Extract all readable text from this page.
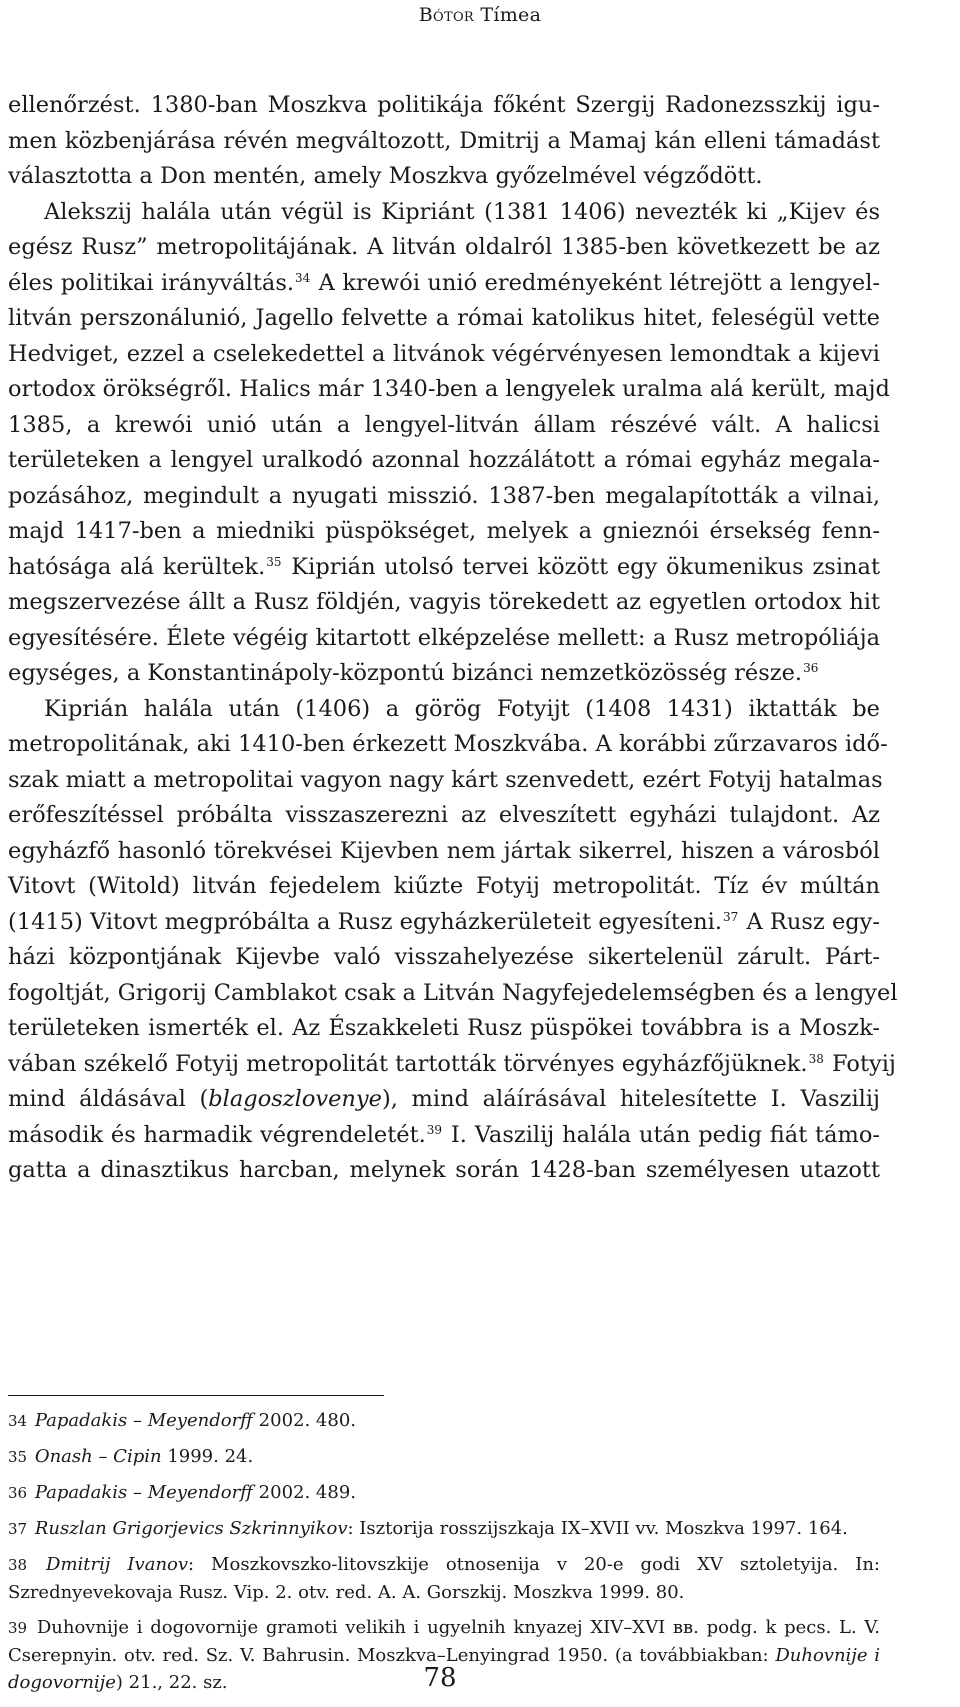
Bótor Tímea
ellenőrzést. 1380-ban Moszkva politikája főként Szergij Radonezsszkij igu-
men közbenjárása révén megváltozott, Dmitrij a Mamaj kán elleni támadást
választotta a Don mentén, amely Moszkva győzelmével végződött.
Alekszij halála után végül is Kipriánt (1381 1406) nevezték ki „Kijev és
egész Rusz” metropolitájának. A litván oldalról 1385-ben következett be az
éles politikai irányváltás.$^{34}$ A krewói unió eredményeként létrejött a lengyel-
litván perszonálunió, Jagello felvette a római katolikus hitet, feleségül vette
Hedviget, ezzel a cselekedettel a litvánok végérvényesen lemondtak a kijevi
ortodox örökségről. Halics már 1340-ben a lengyelek uralma alá került, majd
1385, a krewói unió után a lengyel-litván állam részévé vált. A halicsi
területeken a lengyel uralkodó azonnal hozzálátott a római egyház megala-
pozásához, megindult a nyugati misszió. 1387-ben megalapították a vilnai,
majd 1417-ben a miedniki püspökséget, melyek a gnieznói érsekség fenn-
hatósága alá kerültek.$^{35}$ Kiprián utolsó tervei között egy ökumenikus zsinat
megszervezése állt a Rusz földjén, vagyis törekedett az egyetlen ortodox hit
egyesítésére. Élete végéig kitartott elképzelése mellett: a Rusz metropóliája
egységes, a Konstantinápoly-központú bizánci nemzetközösség része.$^{36}$
Kiprián halála után (1406) a görög Fotyijt (1408 1431) iktatták be
metropolitának, aki 1410-ben érkezett Moszkvába. A korábbi zűrzavaros idő-
szak miatt a metropolitai vagyon nagy kárt szenvedett, ezért Fotyij hatalmas
erőfeszítéssel próbálta visszaszerezni az elveszített egyházi tulajdont. Az
egyházfő hasonló törekvései Kijevben nem jártak sikerrel, hiszen a városból
Vitovt (Witold) litván fejedelem kiűzte Fotyij metropolitát. Tíz év múltán
(1415) Vitovt megpróbálta a Rusz egyházkerületeit egyesíteni.$^{37}$ A Rusz egy-
házi központjának Kijevbe való visszahelyezése sikertelenül zárult. Párt-
fogoltját, Grigorij Camblakot csak a Litván Nagyfejedelemségben és a lengyel
területeken ismerték el. Az Északkeleti Rusz püspökei továbbra is a Moszk-
vában székelő Fotyij metropolitát tartották törvényes egyházfőjüknek.$^{38}$ Fotyij
mind áldásával (blagoszlovenye), mind aláírásával hitelesítette I. Vaszilij
második és harmadik végrendeletét.$^{39}$ I. Vaszilij halála után pedig fiát támo-
gatta a dinasztikus harcban, melynek során 1428-ban személyesen utazott
34 Papadakis – Meyendorff 2002. 480.
35 Onash – Cipin 1999. 24.
36 Papadakis – Meyendorff 2002. 489.
37 Ruszlan Grigorjevics Szkrinnyikov: Isztorija rosszijszkaja IX–XVII vv. Moszkva 1997. 164.
38 Dmitrij Ivanov: Moszkovszko-litovszkije otnosenija v 20-e godi XV sztoletyija. In:
Szrednyevekovaja Rusz. Vip. 2. otv. red. A. A. Gorszkij. Moszkva 1999. 80.
39 Duhovnije i dogovornije gramoti velikih i ugyelnih knyazej XIV–XVI вв. podg. k pecs. L. V.
Cserepnyin. otv. red. Sz. V. Bahrusin. Moszkva–Lenyingrad 1950. (a továbbiakban: Duhovnije i
dogovornije) 21., 22. sz.	78
